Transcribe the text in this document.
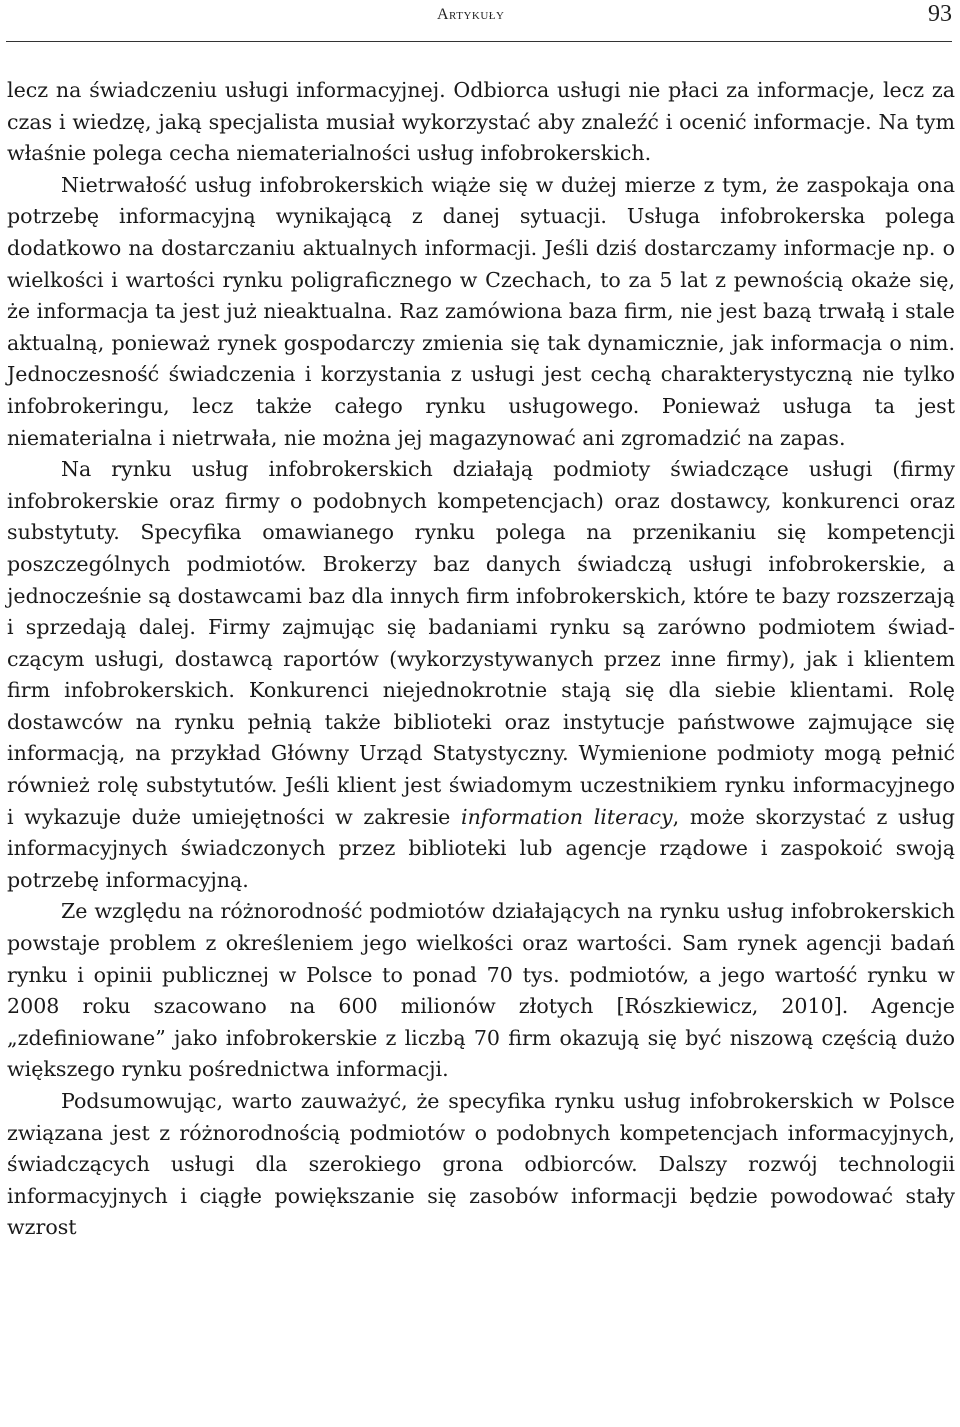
Artykuły	93

lecz na świadczeniu usługi informacyjnej. Odbiorca usługi nie płaci za informacje, lecz za czas i wiedzę, jaką specjalista musiał wykorzystać aby znaleźć i ocenić informacje. Na tym właśnie polega cecha niematerialności usług infobrokerskich.

Nietrwałość usług infobrokerskich wiąże się w dużej mierze z tym, że zaspokaja ona potrzebę informacyjną wynikającą z danej sytuacji. Usługa infobrokerska polega dodatkowo na dostarczaniu aktualnych informacji. Jeśli dziś dostarczamy informacje np. o wielkości i wartości rynku poligraficznego w Czechach, to za 5 lat z pewnością okaże się, że informacja ta jest już nieaktualna. Raz zamówiona baza firm, nie jest bazą trwałą i stale aktualną, ponieważ rynek gospodarczy zmienia się tak dynamicznie, jak informacja o nim. Jednoczesność świadczenia i korzystania z usługi jest cechą charakterystyczną nie tylko infobrokeringu, lecz także całego rynku usługowego. Ponieważ usługa ta jest niematerialna i nietrwała, nie można jej magazynować ani zgromadzić na zapas.

Na rynku usług infobrokerskich działają podmioty świadczące usługi (firmy infobrokerskie oraz firmy o podobnych kompetencjach) oraz dostawcy, konkurenci oraz substytuty. Specyfika omawianego rynku polega na przenikaniu się kompetencji poszczególnych podmiotów. Brokerzy baz danych świadczą usługi infobrokerskie, a jednocześnie są dostawcami baz dla innych firm infobrokerskich, które te bazy rozszerzają i sprzedają dalej. Firmy zajmując się badaniami rynku są zarówno podmiotem świadczącym usługi, dostawcą raportów (wykorzystywanych przez inne firmy), jak i klientem firm infobrokerskich. Konkurenci niejednokrotnie stają się dla siebie klientami. Rolę dostawców na rynku pełnią także biblioteki oraz instytucje państwowe zajmujące się informacją, na przykład Główny Urząd Statystyczny. Wymienione podmioty mogą pełnić również rolę substytutów. Jeśli klient jest świadomym uczestnikiem rynku informacyjnego i wykazuje duże umiejętności w zakresie information literacy, może skorzystać z usług informacyjnych świadczonych przez biblioteki lub agencje rządowe i zaspokoić swoją potrzebę informacyjną.

Ze względu na różnorodność podmiotów działających na rynku usług infobrokerskich powstaje problem z określeniem jego wielkości oraz wartości. Sam rynek agencji badań rynku i opinii publicznej w Polsce to ponad 70 tys. podmiotów, a jego wartość rynku w 2008 roku szacowano na 600 milionów złotych [Rószkiewicz, 2010]. Agencje „zdefiniowane” jako infobrokerskie z liczbą 70 firm okazują się być niszową częścią dużo większego rynku pośrednictwa informacji.

Podsumowując, warto zauważyć, że specyfika rynku usług infobrokerskich w Polsce związana jest z różnorodnością podmiotów o podobnych kompetencjach informacyjnych, świadczących usługi dla szerokiego grona odbiorców. Dalszy rozwój technologii informacyjnych i ciągłe powiększanie się zasobów informacji będzie powodować stały wzrost
